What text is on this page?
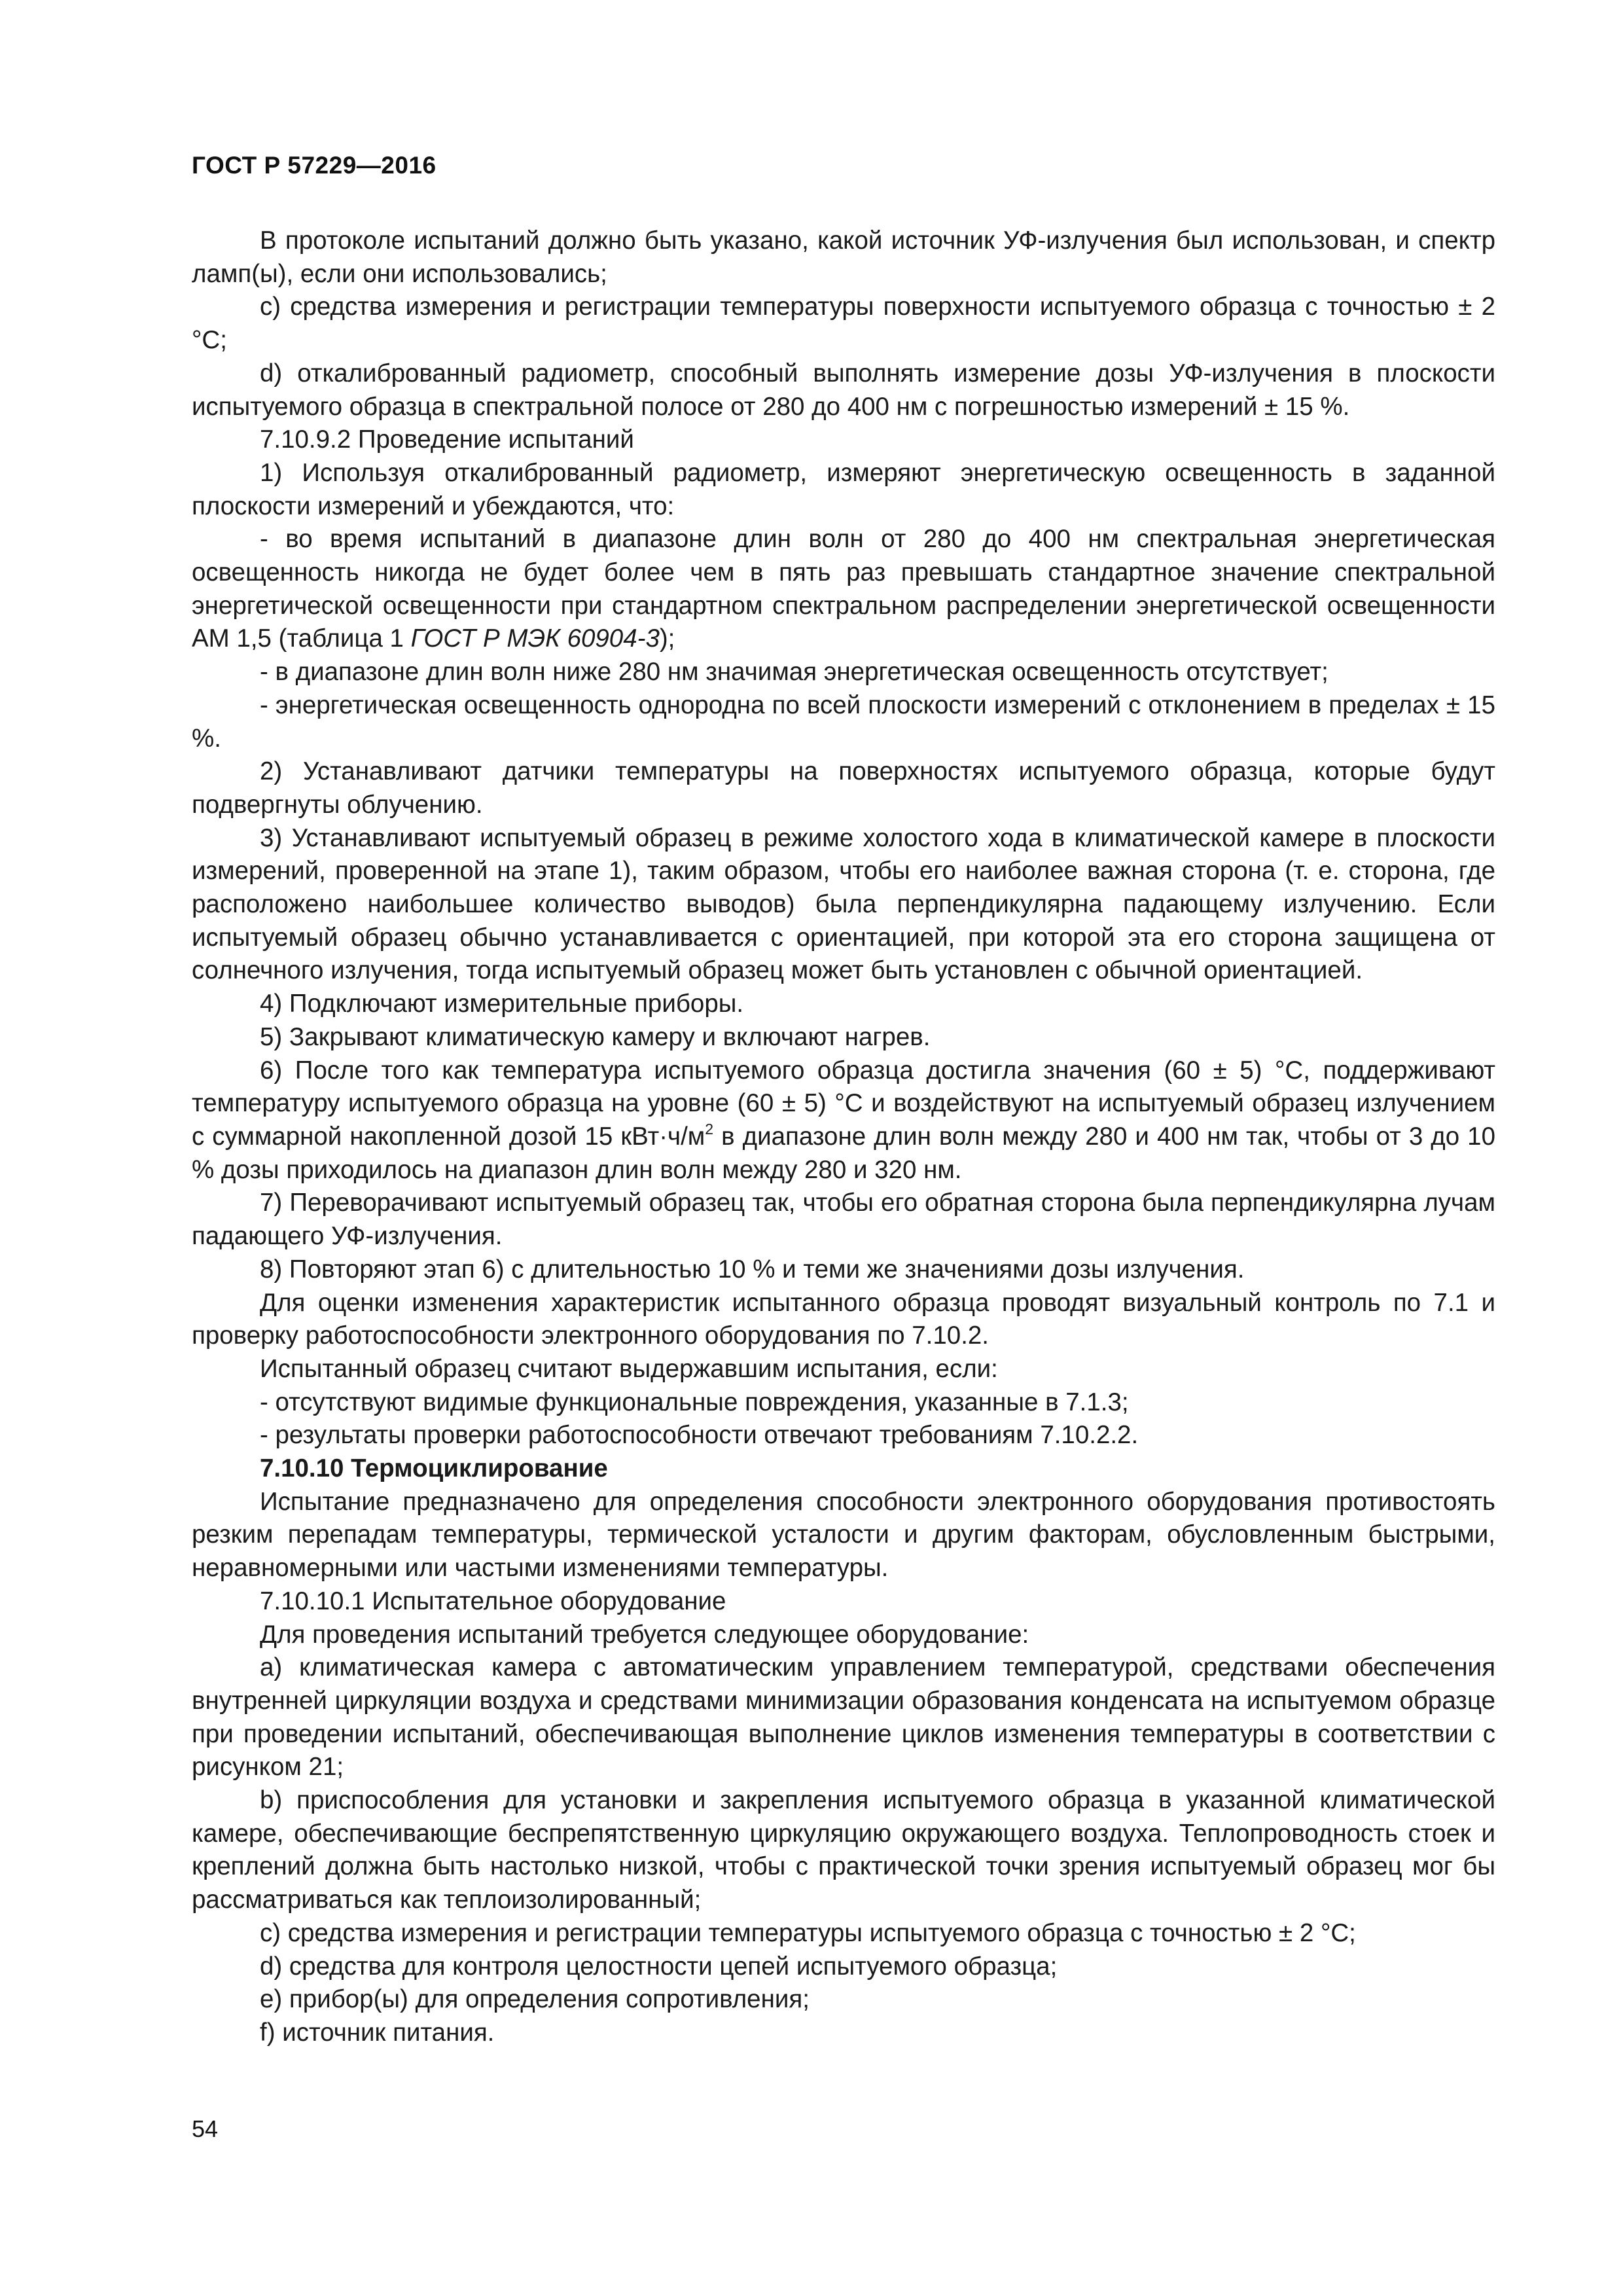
ГОСТ Р 57229—2016

В протоколе испытаний должно быть указано, какой источник УФ-излучения был использован, и спектр ламп(ы), если они использовались;

c) средства измерения и регистрации температуры поверхности испытуемого образца с точностью ± 2 °С;

d) откалиброванный радиометр, способный выполнять измерение дозы УФ-излучения в плоскости испытуемого образца в спектральной полосе от 280 до 400 нм с погрешностью измерений ± 15 %.

7.10.9.2 Проведение испытаний

1) Используя откалиброванный радиометр, измеряют энергетическую освещенность в заданной плоскости измерений и убеждаются, что:

- во время испытаний в диапазоне длин волн от 280 до 400 нм спектральная энергетическая освещенность никогда не будет более чем в пять раз превышать стандартное значение спектральной энергетической освещенности при стандартном спектральном распределении энергетической освещенности AM 1,5 (таблица 1 ГОСТ Р МЭК 60904-3);

- в диапазоне длин волн ниже 280 нм значимая энергетическая освещенность отсутствует;

- энергетическая освещенность однородна по всей плоскости измерений с отклонением в пределах ± 15 %.

2) Устанавливают датчики температуры на поверхностях испытуемого образца, которые будут подвергнуты облучению.

3) Устанавливают испытуемый образец в режиме холостого хода в климатической камере в плоскости измерений, проверенной на этапе 1), таким образом, чтобы его наиболее важная сторона (т. е. сторона, где расположено наибольшее количество выводов) была перпендикулярна падающему излучению. Если испытуемый образец обычно устанавливается с ориентацией, при которой эта его сторона защищена от солнечного излучения, тогда испытуемый образец может быть установлен с обычной ориентацией.

4) Подключают измерительные приборы.

5) Закрывают климатическую камеру и включают нагрев.

6) После того как температура испытуемого образца достигла значения (60 ± 5) °С, поддерживают температуру испытуемого образца на уровне (60 ± 5) °С и воздействуют на испытуемый образец излучением с суммарной накопленной дозой 15 $кВт\cdot ч/м^2$ в диапазоне длин волн между 280 и 400 нм так, чтобы от 3 до 10 % дозы приходилось на диапазон длин волн между 280 и 320 нм.

7) Переворачивают испытуемый образец так, чтобы его обратная сторона была перпендикулярна лучам падающего УФ-излучения.

8) Повторяют этап 6) с длительностью 10 % и теми же значениями дозы излучения.

Для оценки изменения характеристик испытанного образца проводят визуальный контроль по 7.1 и проверку работоспособности электронного оборудования по 7.10.2.

Испытанный образец считают выдержавшим испытания, если:

- отсутствуют видимые функциональные повреждения, указанные в 7.1.3;

- результаты проверки работоспособности отвечают требованиям 7.10.2.2.

7.10.10 Термоциклирование

Испытание предназначено для определения способности электронного оборудования противостоять резким перепадам температуры, термической усталости и другим факторам, обусловленным быстрыми, неравномерными или частыми изменениями температуры.

7.10.10.1 Испытательное оборудование

Для проведения испытаний требуется следующее оборудование:

a) климатическая камера с автоматическим управлением температурой, средствами обеспечения внутренней циркуляции воздуха и средствами минимизации образования конденсата на испытуемом образце при проведении испытаний, обеспечивающая выполнение циклов изменения температуры в соответствии с рисунком 21;

b) приспособления для установки и закрепления испытуемого образца в указанной климатической камере, обеспечивающие беспрепятственную циркуляцию окружающего воздуха. Теплопроводность стоек и креплений должна быть настолько низкой, чтобы с практической точки зрения испытуемый образец мог бы рассматриваться как теплоизолированный;

c) средства измерения и регистрации температуры испытуемого образца с точностью ± 2 °С;

d) средства для контроля целостности цепей испытуемого образца;

e) прибор(ы) для определения сопротивления;

f) источник питания.

54
